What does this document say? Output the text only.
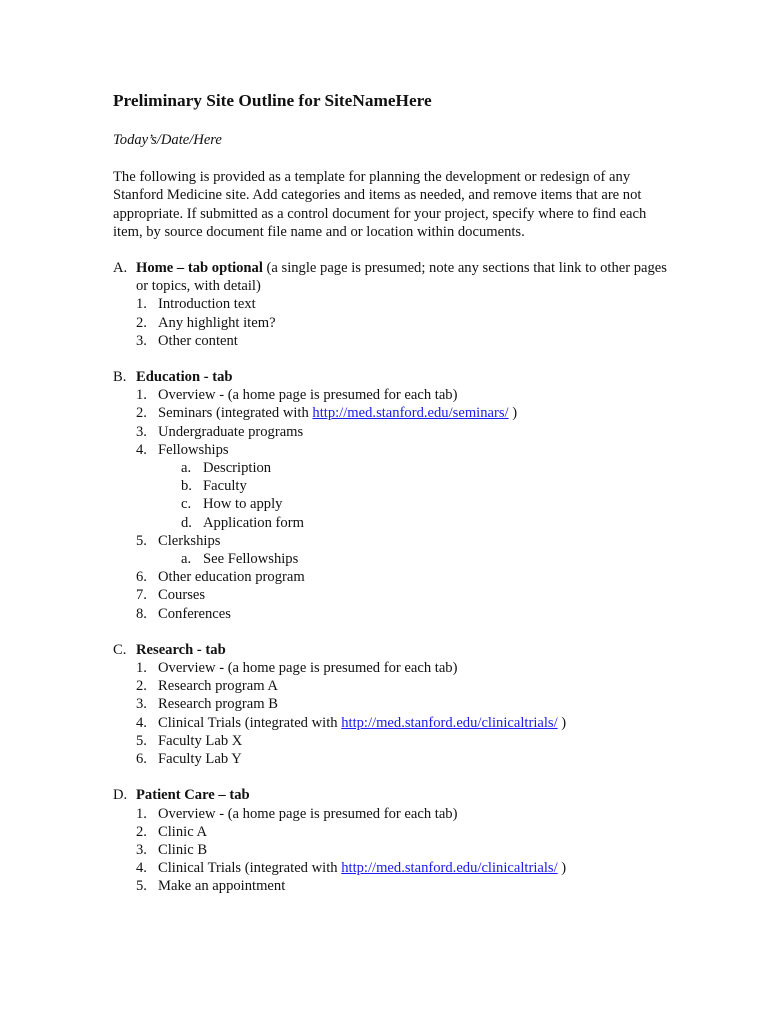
Preliminary Site Outline for SiteNameHere
Today’s/Date/Here
The following is provided as a template for planning the development or redesign of any Stanford Medicine site. Add categories and items as needed, and remove items that are not appropriate. If submitted as a control document for your project, specify where to find each item, by source document file name and or location within documents.
A. Home – tab optional (a single page is presumed; note any sections that link to other pages or topics, with detail)
1. Introduction text
2. Any highlight item?
3. Other content
B. Education - tab
1. Overview - (a home page is presumed for each tab)
2. Seminars (integrated with http://med.stanford.edu/seminars/ )
3. Undergraduate programs
4. Fellowships
a. Description
b. Faculty
c. How to apply
d. Application form
5. Clerkships
a. See Fellowships
6. Other education program
7. Courses
8. Conferences
C. Research - tab
1. Overview - (a home page is presumed for each tab)
2. Research program A
3. Research program B
4. Clinical Trials (integrated with http://med.stanford.edu/clinicaltrials/ )
5. Faculty Lab X
6. Faculty Lab Y
D. Patient Care – tab
1. Overview - (a home page is presumed for each tab)
2. Clinic A
3. Clinic B
4. Clinical Trials (integrated with http://med.stanford.edu/clinicaltrials/ )
5. Make an appointment
